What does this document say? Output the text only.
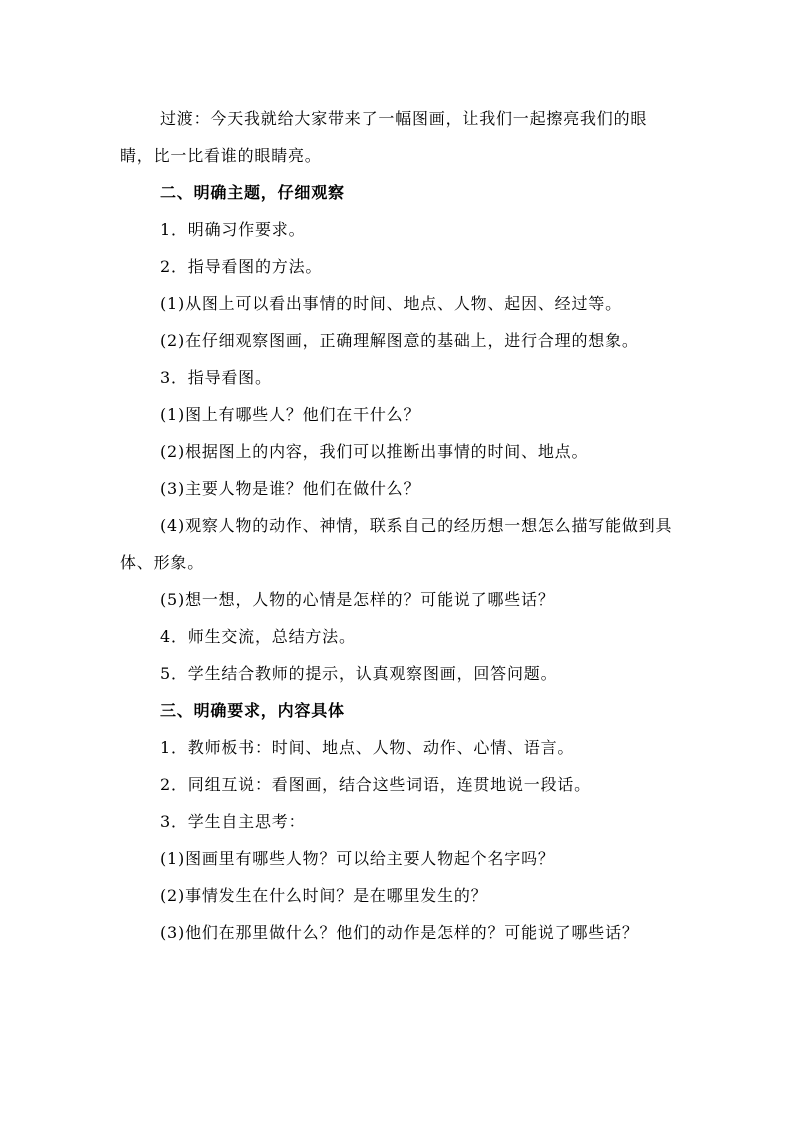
过渡：今天我就给大家带来了一幅图画，让我们一起擦亮我们的眼睛，比一比看谁的眼睛亮。

二、明确主题，仔细观察

1．明确习作要求。

2．指导看图的方法。

(1)从图上可以看出事情的时间、地点、人物、起因、经过等。

(2)在仔细观察图画，正确理解图意的基础上，进行合理的想象。

3．指导看图。

(1)图上有哪些人？他们在干什么？

(2)根据图上的内容，我们可以推断出事情的时间、地点。

(3)主要人物是谁？他们在做什么？

(4)观察人物的动作、神情，联系自己的经历想一想怎么描写能做到具体、形象。

(5)想一想，人物的心情是怎样的？可能说了哪些话？

4．师生交流，总结方法。

5．学生结合教师的提示，认真观察图画，回答问题。

三、明确要求，内容具体

1．教师板书：时间、地点、人物、动作、心情、语言。

2．同组互说：看图画，结合这些词语，连贯地说一段话。

3．学生自主思考：

(1)图画里有哪些人物？可以给主要人物起个名字吗？

(2)事情发生在什么时间？是在哪里发生的？

(3)他们在那里做什么？他们的动作是怎样的？可能说了哪些话？
